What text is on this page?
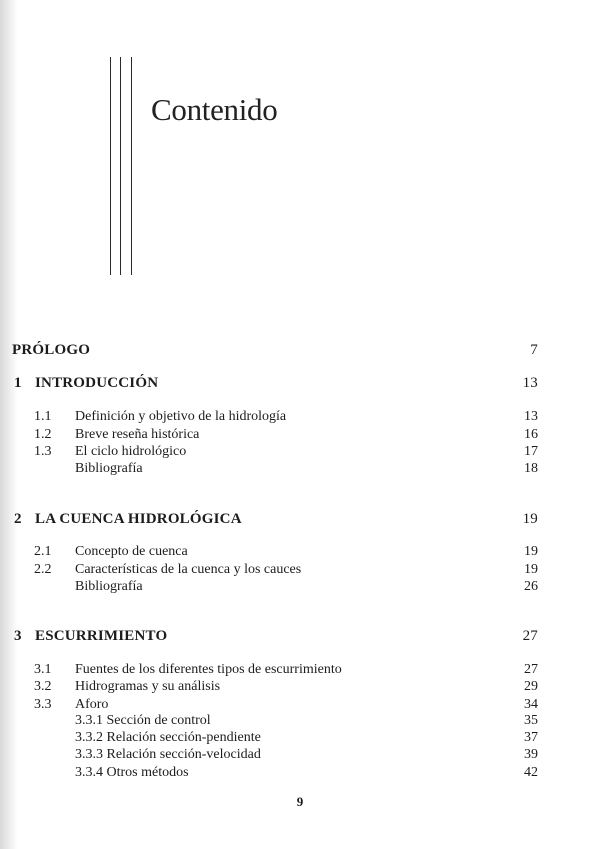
Contenido
PRÓLOGO	7
1 INTRODUCCIÓN	13
1.1 Definición y objetivo de la hidrología	13
1.2 Breve reseña histórica	16
1.3 El ciclo hidrológico	17
Bibliografía	18
2 LA CUENCA HIDROLÓGICA	19
2.1 Concepto de cuenca	19
2.2 Características de la cuenca y los cauces	19
Bibliografía	26
3 ESCURRIMIENTO	27
3.1 Fuentes de los diferentes tipos de escurrimiento	27
3.2 Hidrogramas y su análisis	29
3.3 Aforo	34
3.3.1 Sección de control	35
3.3.2 Relación sección-pendiente	37
3.3.3 Relación sección-velocidad	39
3.3.4 Otros métodos	42
9
